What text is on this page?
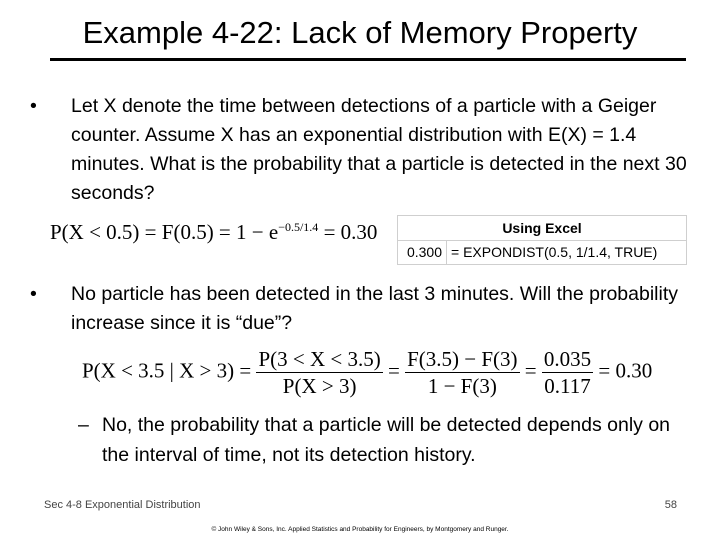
Example 4-22: Lack of Memory Property
• Let X denote the time between detections of a particle with a Geiger counter. Assume X has an exponential distribution with E(X) = 1.4 minutes. What is the probability that a particle is detected in the next 30 seconds?
$P(X < 0.5) = F(0.5) = 1 - e^{-0.5/1.4} = 0.30$	Using Excel
0.300	= EXPONDIST(0.5, 1/1.4, TRUE)
• No particle has been detected in the last 3 minutes. Will the probability increase since it is “due”?
P(X < 3.5 | $X > 3) = \frac{P(3 < X < 3.5)}{P(X > 3)} = \frac{F(3.5) - F(3)}{1 - F(3)} = \frac{0.035}{0.117} = 0.30$
– No, the probability that a particle will be detected depends only on the interval of time, not its detection history.
Sec 4-8 Exponential Distribution	58
© John Wiley & Sons, Inc. Applied Statistics and Probability for Engineers, by Montgomery and Runger.
